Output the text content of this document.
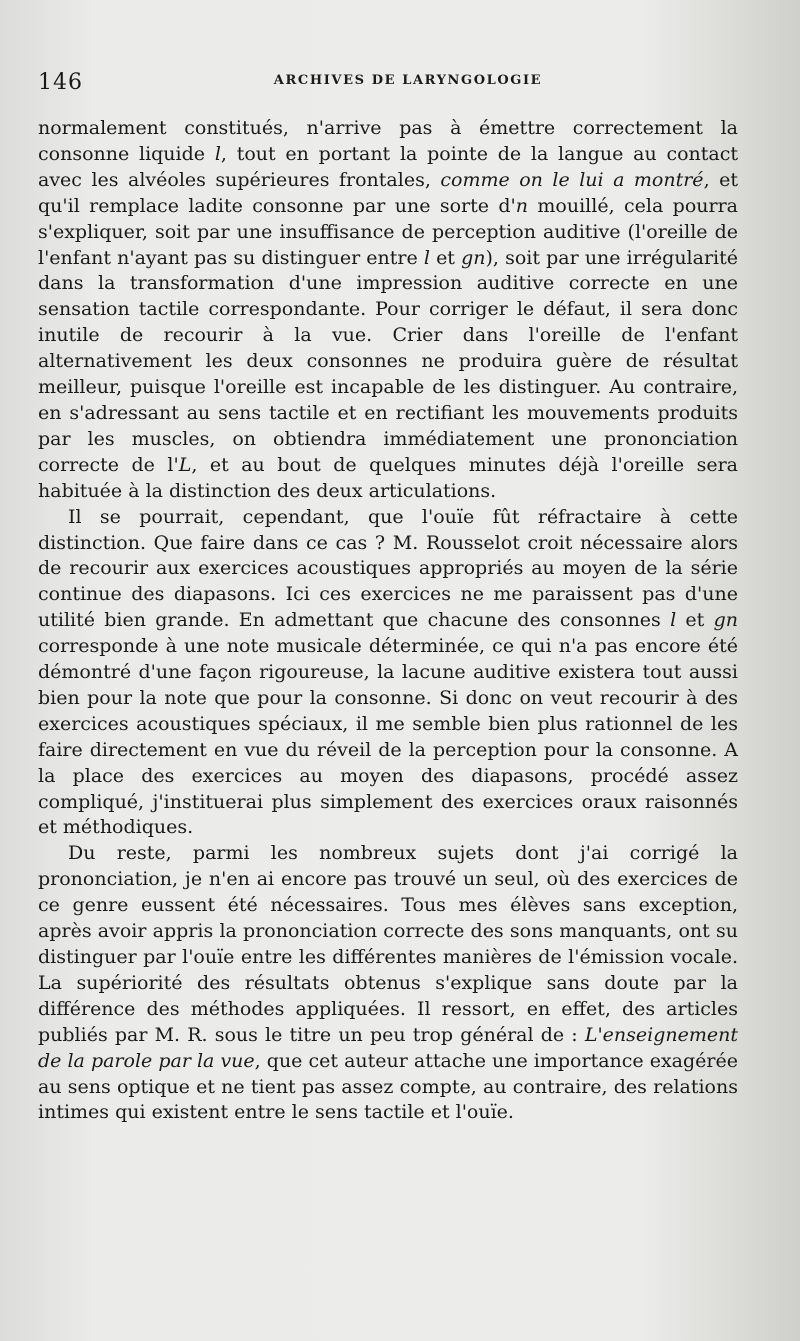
146	ARCHIVES DE LARYNGOLOGIE

normalement constitués, n'arrive pas à émettre correctement la consonne liquide l, tout en portant la pointe de la langue au contact avec les alvéoles supérieures frontales, comme on le lui a montré, et qu'il remplace ladite consonne par une sorte d'n mouillé, cela pourra s'expliquer, soit par une insuffisance de perception auditive (l'oreille de l'enfant n'ayant pas su distinguer entre l et gn), soit par une irrégularité dans la transformation d'une impression auditive correcte en une sensation tactile correspondante. Pour corriger le défaut, il sera donc inutile de recourir à la vue. Crier dans l'oreille de l'enfant alternativement les deux consonnes ne produira guère de résultat meilleur, puisque l'oreille est incapable de les distinguer. Au contraire, en s'adressant au sens tactile et en rectifiant les mouvements produits par les muscles, on obtiendra immédiatement une prononciation correcte de l'L, et au bout de quelques minutes déjà l'oreille sera habituée à la distinction des deux articulations.

Il se pourrait, cependant, que l'ouïe fût réfractaire à cette distinction. Que faire dans ce cas ? M. Rousselot croit nécessaire alors de recourir aux exercices acoustiques appropriés au moyen de la série continue des diapasons. Ici ces exercices ne me paraissent pas d'une utilité bien grande. En admettant que chacune des consonnes l et gn corresponde à une note musicale déterminée, ce qui n'a pas encore été démontré d'une façon rigoureuse, la lacune auditive existera tout aussi bien pour la note que pour la consonne. Si donc on veut recourir à des exercices acoustiques spéciaux, il me semble bien plus rationnel de les faire directement en vue du réveil de la perception pour la consonne. A la place des exercices au moyen des diapasons, procédé assez compliqué, j'instituerai plus simplement des exercices oraux raisonnés et méthodiques.

Du reste, parmi les nombreux sujets dont j'ai corrigé la prononciation, je n'en ai encore pas trouvé un seul, où des exercices de ce genre eussent été nécessaires. Tous mes élèves sans exception, après avoir appris la prononciation correcte des sons manquants, ont su distinguer par l'ouïe entre les différentes manières de l'émission vocale. La supériorité des résultats obtenus s'explique sans doute par la différence des méthodes appliquées. Il ressort, en effet, des articles publiés par M. R. sous le titre un peu trop général de : L'enseignement de la parole par la vue, que cet auteur attache une importance exagérée au sens optique et ne tient pas assez compte, au contraire, des relations intimes qui existent entre le sens tactile et l'ouïe.
